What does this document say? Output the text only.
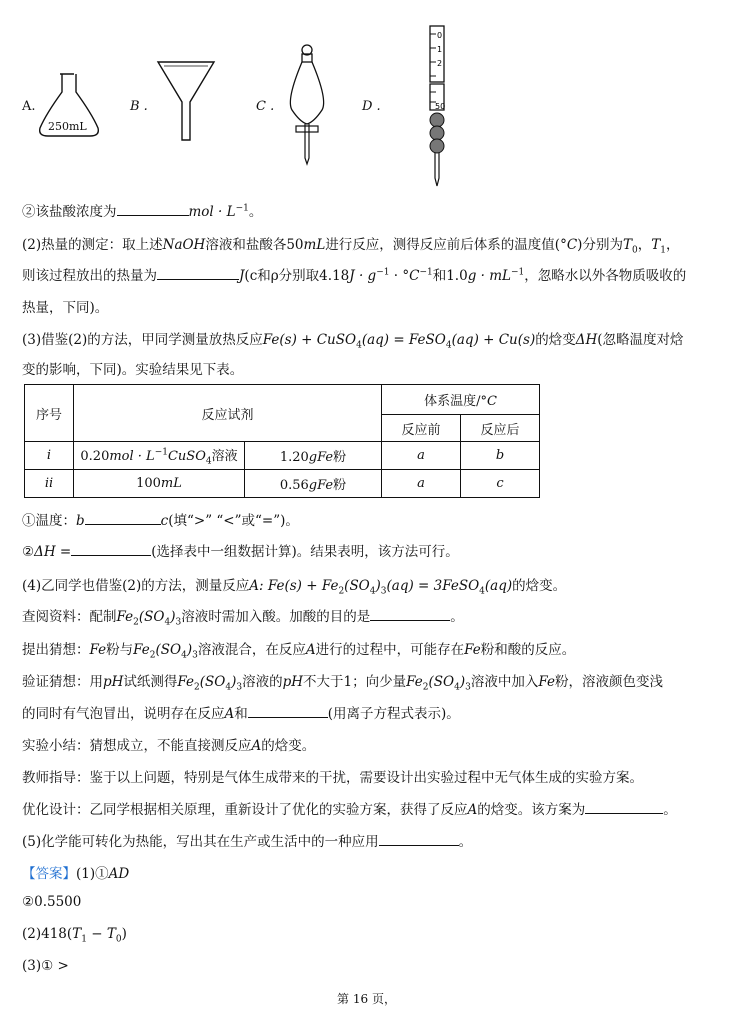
A.
250mL
B .	C .	D .
0
1
2
50
②该盐酸浓度为	mol · $L^{-1}$。
(2)热量的测定：取上述NaOH溶液和盐酸各50mL进行反应，测得反应前后体系的温度值(°C)分别为$T_0$，$T_1$，
则该过程放出的热量为	J(c和ρ分别取$4.18J \cdot g^{-1} \cdot ^\circ C^{-1}$和$1.0g \cdot mL^{-1}$，忽略水以外各物质吸收的
热量，下同)。
(3)借鉴(2)的方法，甲同学测量放热反应Fe(s) + CuSO$_4$(aq) = FeSO$_4$(aq) + Cu(s)的焓变ΔH(忽略温度对焓
变的影响，下同)。实验结果见下表。
序号	反应试剂		体系温度/°C	
			反应前	反应后
i	$0.20mol \cdot L^{-1}CuSO_4$溶液	1.20gFe粉	a	b
ii	100mL	0.56gFe粉	a	c
①温度：b	c(填“>” “<”或“=”)。
②ΔH =	(选择表中一组数据计算)。结果表明，该方法可行。
(4)乙同学也借鉴(2)的方法，测量反应A: $Fe(s) + Fe_2(SO_4)_3(aq)$ = 3FeSO$_4$(aq)的焓变。
查阅资料：配制$Fe_2(SO_4)_3$溶液时需加入酸。加酸的目的是	。
提出猜想：Fe粉与$Fe_2(SO_4)_3$溶液混合，在反应A进行的过程中，可能存在Fe粉和酸的反应。
验证猜想：用pH试纸测得$Fe_2(SO_4)_3$溶液的pH不大于1；向少量$Fe_2(SO_4)_3$溶液中加入Fe粉，溶液颜色变浅
的同时有气泡冒出，说明存在反应A和	(用离子方程式表示)。
实验小结：猜想成立，不能直接测反应A的焓变。
教师指导：鉴于以上问题，特别是气体生成带来的干扰，需要设计出实验过程中无气体生成的实验方案。
优化设计：乙同学根据相关原理，重新设计了优化的实验方案，获得了反应A的焓变。该方案为	。
(5)化学能可转化为热能，写出其在生产或生活中的一种应用	。
【答案】(1)①AD
②0.5500
$(2)418(T_1 - T_0)$
(3)① >
第 16 页，
